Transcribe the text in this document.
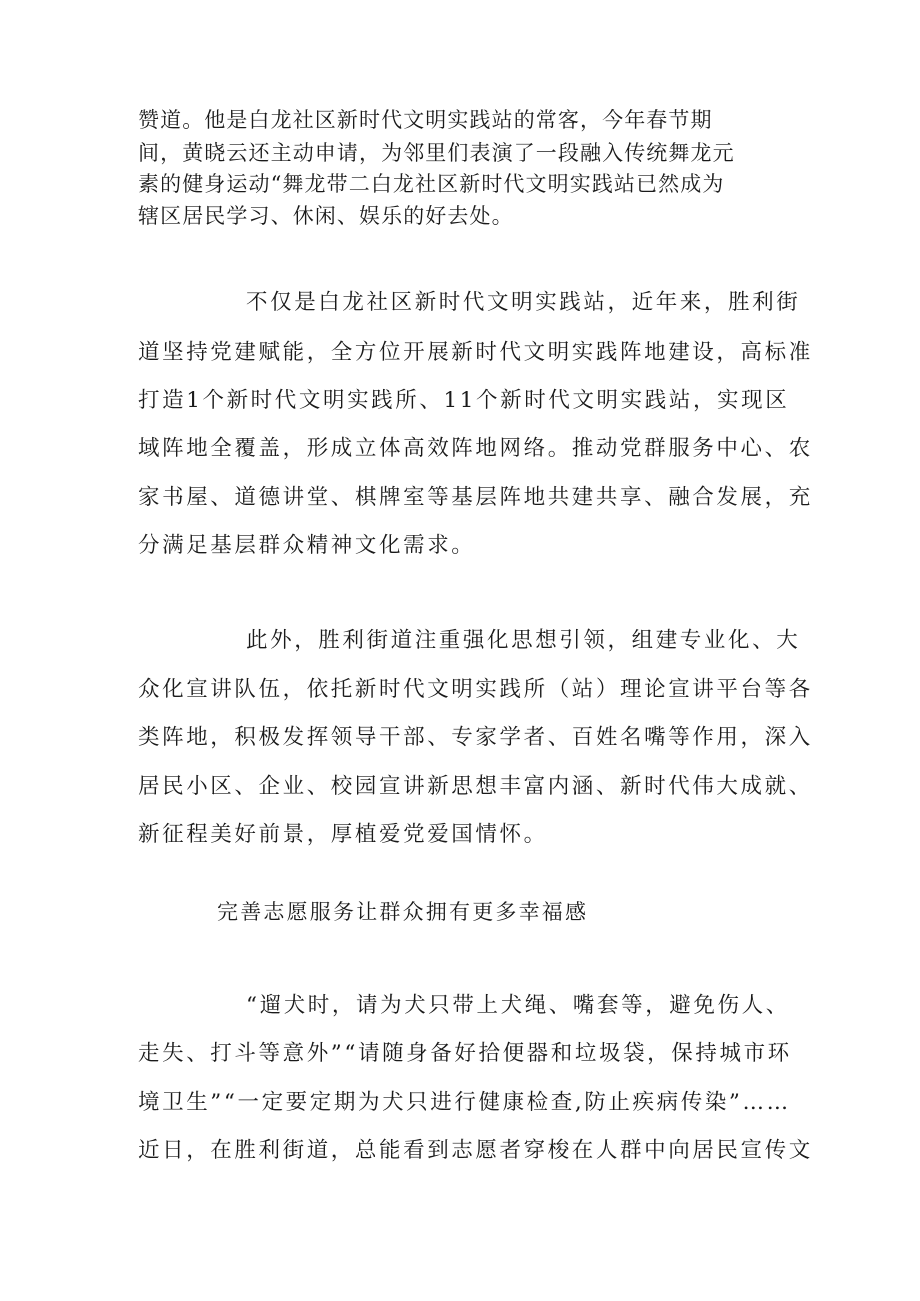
赞道。他是白龙社区新时代文明实践站的常客，今年春节期

间，黄晓云还主动申请，为邻里们表演了一段融入传统舞龙元

素的健身运动“舞龙带二白龙社区新时代文明实践站已然成为

辖区居民学习、休闲、娱乐的好去处。

不仅是白龙社区新时代文明实践站，近年来，胜利街

道坚持党建赋能，全方位开展新时代文明实践阵地建设，高标准

打造1个新时代文明实践所、11个新时代文明实践站，实现区

域阵地全覆盖，形成立体高效阵地网络。推动党群服务中心、农

家书屋、道德讲堂、棋牌室等基层阵地共建共享、融合发展，充

分满足基层群众精神文化需求。

此外，胜利街道注重强化思想引领，组建专业化、大

众化宣讲队伍，依托新时代文明实践所（站）理论宣讲平台等各

类阵地，积极发挥领导干部、专家学者、百姓名嘴等作用，深入

居民小区、企业、校园宣讲新思想丰富内涵、新时代伟大成就、

新征程美好前景，厚植爱党爱国情怀。

完善志愿服务让群众拥有更多幸福感

“遛犬时，请为犬只带上犬绳、嘴套等，避免伤人、

走失、打斗等意外”“请随身备好拾便器和垃圾袋，保持城市环

境卫生”“一定要定期为犬只进行健康检查,防止疾病传染”……

近日，在胜利街道，总能看到志愿者穿梭在人群中向居民宣传文
